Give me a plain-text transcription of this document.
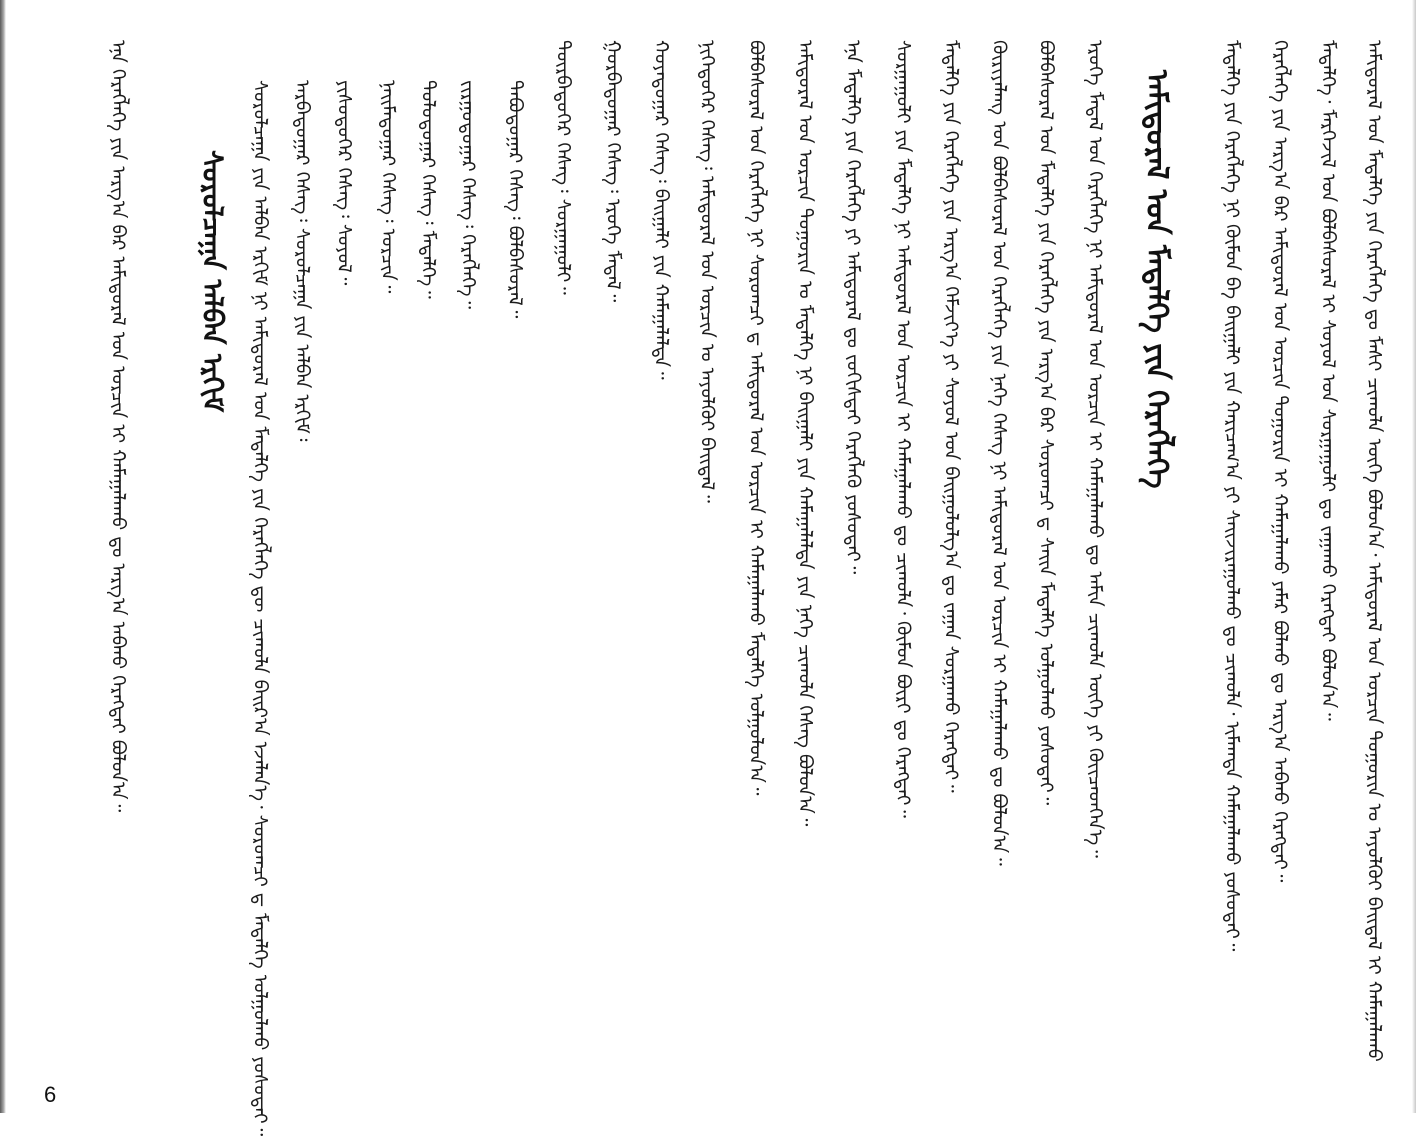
ᠠᠮᠢᠳᠤᠷᠠᠯ ᠤᠨ ᠮᠡᠳᠡᠯᠭᠡ ᠶᠢᠨ ᠬᠡᠷᠡᠭᠯᠡᠭᠡ
ᠰᠤᠷᠤᠯᠴᠠᠭᠠ ᠠᠯᠪᠠᠨ ᠡᠷᠬᠢᠮ	ᠠᠮᠢᠳᠤᠷᠠᠯ ᠤᠨ ᠮᠡᠳᠡᠯᠭᠡ ᠶᠢᠨ ᠬᠡᠷᠡᠭᠯᠡᠭᠡ ᠳᠤ ᠮᠠᠰᠢ ᠴᠢᠬᠤᠯᠠ ᠦᠬᠡ ᠪᠣᠯᠤᠨ᠎ᠠ᠂ ᠠᠮᠢᠳᠤᠷᠠᠯ ᠤᠨ ᠣᠷᠴᠢᠨ ᠲᠣᠭᠣᠷᠢᠨ ᠤ ᠠᠶᠤᠯᠭᠦᠢ ᠪᠠᠢᠳᠠᠯ ᠢ ᠬᠠᠮᠠᠭᠠᠯᠠᠬᠤ
ᠮᠡᠳᠡᠯᠭᠡ᠂ ᠮᠡᠷᠭᠡᠵᠢᠯ ᠤᠨ ᠪᠣᠯᠪᠠᠰᠤᠷᠠᠯ ᠢ ᠰᠣᠶᠣᠯ ᠤᠨ ᠰᠤᠷᠭᠠᠭᠤᠯᠢ ᠳᠤ ᠵᠠᠭᠠᠬᠤ ᠬᠡᠷᠡᠭᠲᠡᠢ ᠪᠣᠯᠤᠨ᠎ᠠ᠃
ᠬᠡᠷᠡᠭᠯᠡᠭᠡ ᠶᠢᠨ ᠠᠷᠭ᠎ᠠ ᠪᠠᠷ ᠠᠮᠢᠳᠤᠷᠠᠯ ᠤᠨ ᠣᠷᠴᠢᠨ ᠲᠣᠭᠣᠷᠢᠨ ᠢ ᠬᠠᠮᠠᠭᠠᠯᠠᠬᠤ ᠶᠠᠮᠠᠷ ᠪᠣᠯᠬᠤ ᠳᠤ ᠠᠷᠭ᠎ᠠ ᠠᠪᠬᠤ ᠬᠡᠷᠡᠭᠲᠡᠢ᠃
ᠮᠡᠳᠡᠯᠭᠡ ᠶᠢᠨ ᠬᠡᠷᠡᠭᠯᠡᠭᠡ ᠨᠢ ᠬᠦᠮᠦᠨ ᠪᠠ ᠪᠠᠢᠭᠠᠯᠢ ᠶᠢᠨ ᠬᠠᠷᠢᠴᠠᠭ᠎ᠠ ᠶᠢ ᠰᠠᠢᠵᠢᠷᠠᠭᠤᠯᠬᠤ ᠳᠤ ᠴᠢᠬᠤᠯᠠ᠂ ᠢᠮᠠᠭᠲᠠ ᠬᠠᠮᠠᠭᠠᠯᠠᠬᠤ ᠶᠣᠰᠤᠲᠠᠢ᠃
ᠡᠷᠦᠬᠡ ᠮᠡᠳᠡᠯ ᠤᠨ ᠬᠡᠷᠡᠭᠯᠡᠭᠡ ᠨᠢ ᠠᠮᠢᠳᠤᠷᠠᠯ ᠤᠨ ᠣᠷᠴᠢᠨ ᠢ ᠬᠠᠮᠠᠭᠠᠯᠠᠬᠤ ᠳᠤ ᠠᠮᠢᠨ ᠴᠢᠬᠤᠯᠠ ᠦᠬᠡ ᠶᠢ ᠭᠦᠢᠴᠡᠳᠬᠡᠨ᠎ᠡ᠃
ᠪᠣᠯᠪᠠᠰᠤᠷᠠᠯ ᠤᠨ ᠮᠡᠳᠡᠯᠭᠡ ᠶᠢᠨ ᠬᠡᠷᠡᠭᠯᠡᠭᠡ ᠶᠢᠨ ᠠᠷᠭ᠎ᠠ ᠪᠠᠷ ᠰᠤᠷᠤᠭᠴᠢ ᠳ ᠰᠠᠢᠨ ᠮᠡᠳᠡᠯᠭᠡ ᠣᠯᠭᠤᠯᠬᠤ ᠶᠣᠰᠤᠲᠠᠢ᠃
ᠬᠦᠷᠢᠶᠡᠯᠡᠩ ᠤᠨ ᠪᠣᠯᠪᠠᠰᠤᠷᠠᠯ ᠤᠨ ᠬᠡᠷᠡᠭᠯᠡᠭᠡ ᠶᠢᠨ ᠨᠡᠭᠡ ᠬᠡᠰᠡᠭ ᠨᠢ ᠠᠮᠢᠳᠤᠷᠠᠯ ᠤᠨ ᠣᠷᠴᠢᠨ ᠢ ᠬᠠᠮᠠᠭᠠᠯᠠᠬᠤ ᠳᠤ ᠪᠣᠯᠤᠨ᠎ᠠ᠃
ᠮᠡᠳᠡᠯᠭᠡ ᠶᠢᠨ ᠬᠡᠷᠡᠭᠯᠡᠭᠡ ᠶᠢᠨ ᠠᠷᠭ᠎ᠠ ᠬᠡᠮᠵᠢᠶ᠎ᠡ ᠶᠢ ᠰᠣᠶᠣᠯ ᠤᠨ ᠪᠠᠢᠭᠤᠯᠤᠯᠭ᠎ᠠ ᠳᠤ ᠵᠠᠭᠠᠨ ᠰᠤᠷᠭᠠᠬᠤ ᠬᠡᠷᠡᠭᠲᠡᠢ᠃
ᠰᠤᠷᠭᠠᠭᠤᠯᠢ ᠶᠢᠨ ᠮᠡᠳᠡᠯᠭᠡ ᠨᠢ ᠠᠮᠢᠳᠤᠷᠠᠯ ᠤᠨ ᠣᠷᠴᠢᠨ ᠢ ᠬᠠᠮᠠᠭᠠᠯᠠᠬᠤ ᠳᠤ ᠴᠢᠬᠤᠯᠠ᠂ ᠬᠦᠮᠦᠨ ᠪᠦᠷᠢ ᠳᠤ ᠬᠡᠷᠡᠭᠲᠡᠢ᠃
ᠡᠨᠡ ᠮᠡᠳᠡᠯᠭᠡ ᠶᠢᠨ ᠬᠡᠷᠡᠭᠯᠡᠭᠡ ᠶᠢ ᠠᠮᠢᠳᠤᠷᠠᠯ ᠳᠤ ᠵᠣᠬᠢᠰᠲᠠᠢ ᠬᠡᠷᠡᠭᠯᠡᠬᠦ ᠶᠣᠰᠤᠲᠠᠢ᠃
ᠠᠮᠢᠳᠤᠷᠠᠯ ᠤᠨ ᠣᠷᠴᠢᠨ ᠲᠣᠭᠣᠷᠢᠨ ᠤ ᠮᠡᠳᠡᠯᠭᠡ ᠨᠢ ᠪᠠᠢᠭᠠᠯᠢ ᠶᠢᠨ ᠬᠠᠮᠠᠭᠠᠯᠠᠯᠲᠠ ᠶᠢᠨ ᠨᠡᠭᠡ ᠴᠢᠬᠤᠯᠠ ᠬᠡᠰᠡᠭ ᠪᠣᠯᠤᠨ᠎ᠠ᠃
ᠪᠣᠯᠪᠠᠰᠤᠷᠠᠯ ᠤᠨ ᠬᠡᠷᠡᠭᠯᠡᠭᠡ ᠨᠢ ᠰᠤᠷᠤᠭᠴᠢ ᠳ ᠠᠮᠢᠳᠤᠷᠠᠯ ᠤᠨ ᠣᠷᠴᠢᠨ ᠢ ᠬᠠᠮᠠᠭᠠᠯᠠᠬᠤ ᠮᠡᠳᠡᠯᠭᠡ ᠣᠯᠭᠤᠯᠤᠨ᠎ᠠ᠃
ᠨᠢᠭᠡᠳᠦᠭᠡᠷ ᠬᠡᠰᠡᠭ᠄ ᠠᠮᠢᠳᠤᠷᠠᠯ ᠤᠨ ᠣᠷᠴᠢᠨ ᠤ ᠠᠶᠤᠯᠭᠦᠢ ᠪᠠᠢᠳᠠᠯ᠃
ᠬᠣᠶᠠᠳᠤᠭᠠᠷ ᠬᠡᠰᠡᠭ᠄ ᠪᠠᠢᠭᠠᠯᠢ ᠶᠢᠨ ᠬᠠᠮᠠᠭᠠᠯᠠᠯᠲᠠ᠃
ᠭᠤᠷᠪᠠᠳᠤᠭᠠᠷ ᠬᠡᠰᠡᠭ᠄ ᠡᠷᠦᠬᠡ ᠮᠡᠳᠡᠯ᠃
ᠳᠦᠷᠪᠡᠳᠦᠭᠡᠷ ᠬᠡᠰᠡᠭ᠄ ᠰᠤᠷᠭᠠᠭᠤᠯᠢ᠃
ᠲᠠᠪᠤᠳᠤᠭᠠᠷ ᠬᠡᠰᠡᠭ᠄ ᠪᠣᠯᠪᠠᠰᠤᠷᠠᠯ᠃
ᠵᠢᠷᠭᠤᠳᠤᠭᠠᠷ ᠬᠡᠰᠡᠭ᠄ ᠬᠡᠷᠡᠭᠯᠡᠭᠡ᠃
ᠳᠣᠯᠣᠳᠤᠭᠠᠷ ᠬᠡᠰᠡᠭ᠄ ᠮᠡᠳᠡᠯᠭᠡ᠃
ᠨᠠᠢᠮᠠᠳᠤᠭᠠᠷ ᠬᠡᠰᠡᠭ᠄ ᠣᠷᠴᠢᠨ᠃
ᠶᠢᠰᠦᠳᠦᠭᠡᠷ ᠬᠡᠰᠡᠭ᠄ ᠰᠣᠶᠣᠯ᠃
ᠠᠷᠪᠠᠳᠤᠭᠠᠷ ᠬᠡᠰᠡᠭ᠄ ᠰᠤᠷᠤᠯᠴᠠᠭᠠ ᠶᠢᠨ ᠠᠯᠪᠠᠨ ᠡᠷᠬᠢᠮ᠄
ᠰᠤᠷᠤᠯᠴᠠᠭᠠ ᠶᠢᠨ ᠠᠯᠪᠠᠨ ᠡᠷᠬᠢᠮ ᠨᠢ ᠠᠮᠢᠳᠤᠷᠠᠯ ᠤᠨ ᠮᠡᠳᠡᠯᠭᠡ ᠶᠢᠨ ᠬᠡᠷᠡᠭᠯᠡᠭᠡ ᠳᠦ ᠴᠢᠬᠤᠯᠠ ᠪᠠᠢᠷ᠎ᠠ ᠡᠵᠡᠯᠡᠨ᠎ᠡ᠂ ᠰᠤᠷᠤᠭᠴᠢ ᠳ ᠮᠡᠳᠡᠯᠭᠡ ᠣᠯᠭᠤᠯᠬᠤ ᠶᠣᠰᠤᠲᠠᠢ᠃
ᠡᠨᠡ ᠬᠡᠷᠡᠭᠯᠡᠭᠡ ᠶᠢᠨ ᠠᠷᠭ᠎ᠠ ᠪᠠᠷ ᠠᠮᠢᠳᠤᠷᠠᠯ ᠤᠨ ᠣᠷᠴᠢᠨ ᠢ ᠬᠠᠮᠠᠭᠠᠯᠠᠬᠤ ᠳᠤ ᠠᠷᠭ᠎ᠠ ᠠᠪᠬᠤ ᠬᠡᠷᠡᠭᠲᠡᠢ ᠪᠣᠯᠤᠨ᠎ᠠ᠃
6
